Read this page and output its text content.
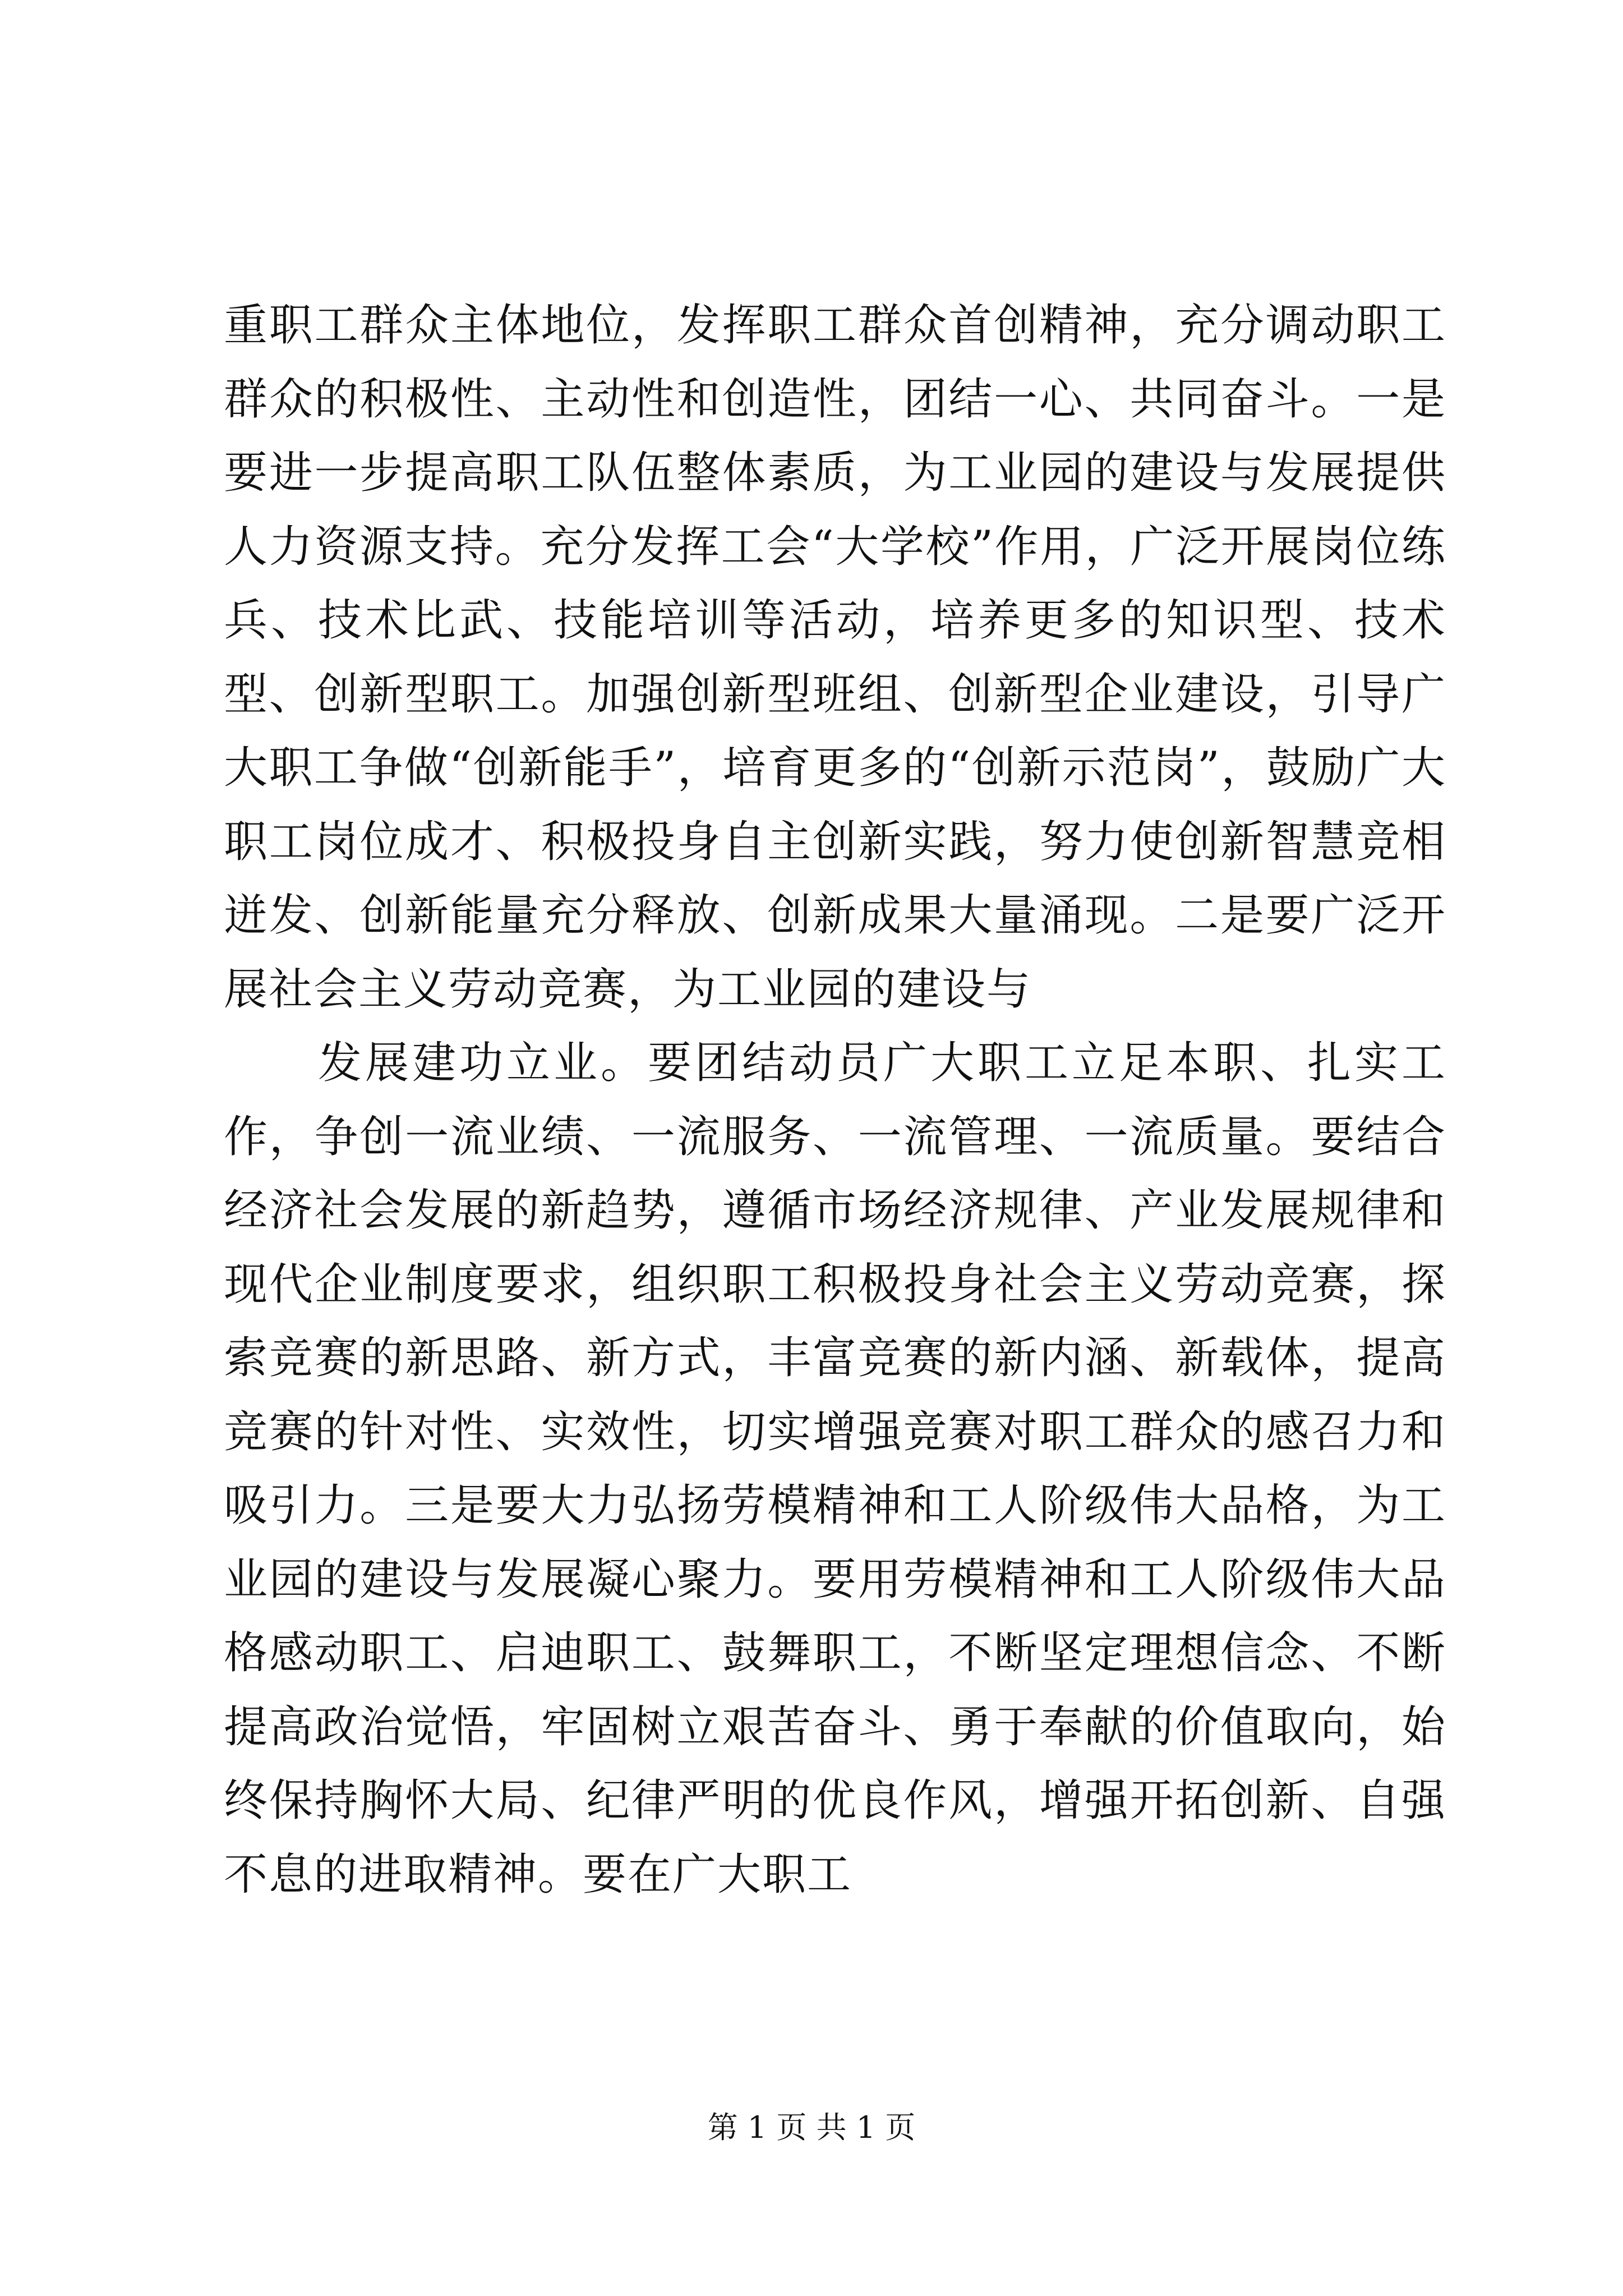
重职工群众主体地位，发挥职工群众首创精神，充分调动职工群众的积极性、主动性和创造性，团结一心、共同奋斗。一是要进一步提高职工队伍整体素质，为工业园的建设与发展提供人力资源支持。充分发挥工会“大学校”作用，广泛开展岗位练兵、技术比武、技能培训等活动，培养更多的知识型、技术型、创新型职工。加强创新型班组、创新型企业建设，引导广大职工争做“创新能手”，培育更多的“创新示范岗”，鼓励广大职工岗位成才、积极投身自主创新实践，努力使创新智慧竞相迸发、创新能量充分释放、创新成果大量涌现。二是要广泛开展社会主义劳动竞赛，为工业园的建设与

发展建功立业。要团结动员广大职工立足本职、扎实工作，争创一流业绩、一流服务、一流管理、一流质量。要结合经济社会发展的新趋势，遵循市场经济规律、产业发展规律和现代企业制度要求，组织职工积极投身社会主义劳动竞赛，探索竞赛的新思路、新方式，丰富竞赛的新内涵、新载体，提高竞赛的针对性、实效性，切实增强竞赛对职工群众的感召力和吸引力。三是要大力弘扬劳模精神和工人阶级伟大品格，为工业园的建设与发展凝心聚力。要用劳模精神和工人阶级伟大品格感动职工、启迪职工、鼓舞职工，不断坚定理想信念、不断提高政治觉悟，牢固树立艰苦奋斗、勇于奉献的价值取向，始终保持胸怀大局、纪律严明的优良作风，增强开拓创新、自强不息的进取精神。要在广大职工

第 1 页 共 1 页
